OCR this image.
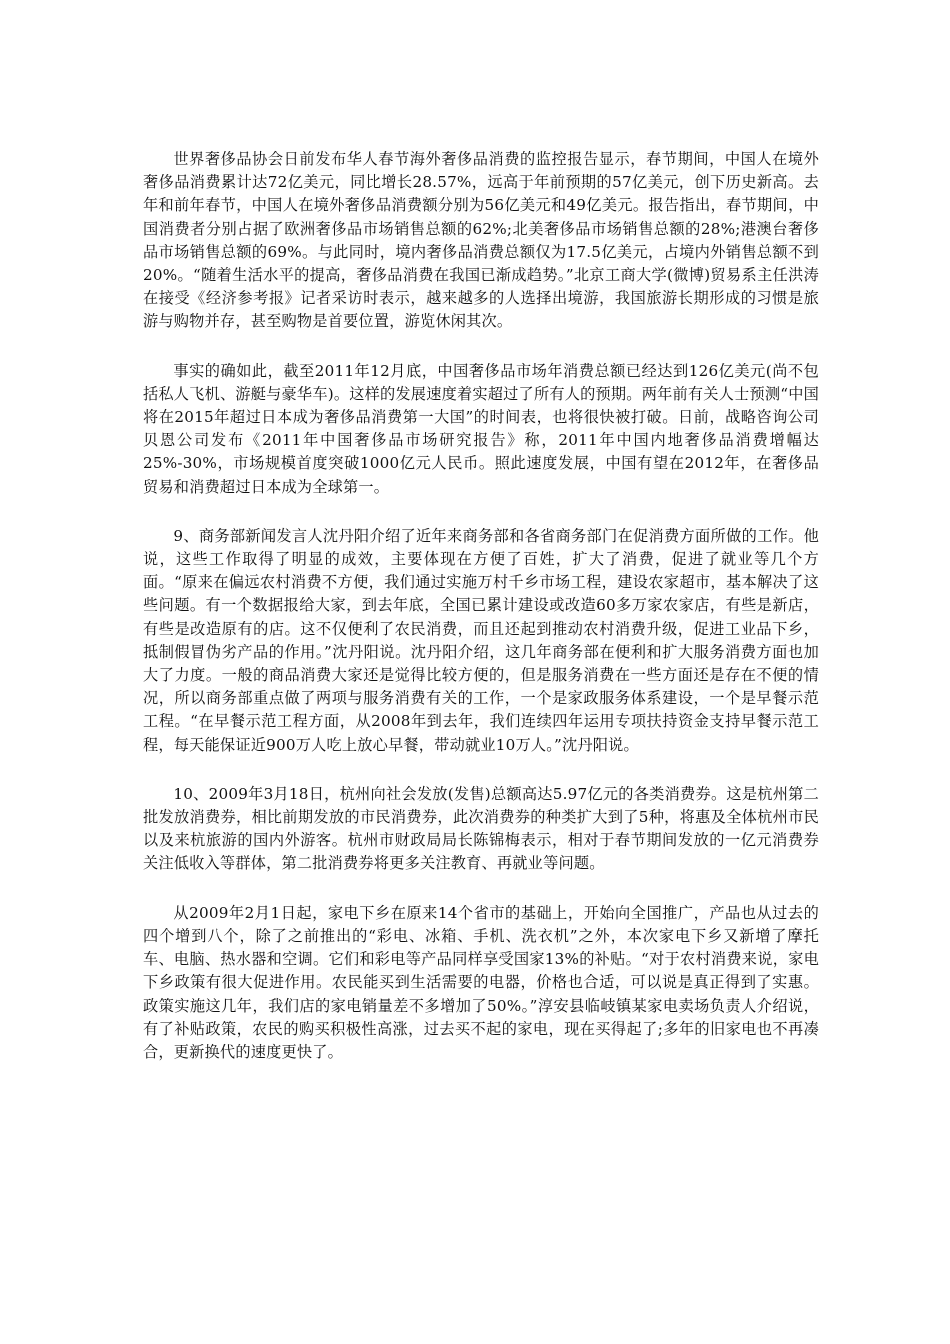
世界奢侈品协会日前发布华人春节海外奢侈品消费的监控报告显示，春节期间，中国人在境外奢侈品消费累计达72亿美元，同比增长28.57%，远高于年前预期的57亿美元，创下历史新高。去年和前年春节，中国人在境外奢侈品消费额分别为56亿美元和49亿美元。报告指出，春节期间，中国消费者分别占据了欧洲奢侈品市场销售总额的62%;北美奢侈品市场销售总额的28%;港澳台奢侈品市场销售总额的69%。与此同时，境内奢侈品消费总额仅为17.5亿美元，占境内外销售总额不到20%。“随着生活水平的提高，奢侈品消费在我国已渐成趋势。”北京工商大学(微博)贸易系主任洪涛在接受《经济参考报》记者采访时表示，越来越多的人选择出境游，我国旅游长期形成的习惯是旅游与购物并存，甚至购物是首要位置，游览休闲其次。

事实的确如此，截至2011年12月底，中国奢侈品市场年消费总额已经达到126亿美元(尚不包括私人飞机、游艇与豪华车)。这样的发展速度着实超过了所有人的预期。两年前有关人士预测“中国将在2015年超过日本成为奢侈品消费第一大国”的时间表，也将很快被打破。日前，战略咨询公司贝恩公司发布《2011年中国奢侈品市场研究报告》称，2011年中国内地奢侈品消费增幅达25%-30%，市场规模首度突破1000亿元人民币。照此速度发展，中国有望在2012年，在奢侈品贸易和消费超过日本成为全球第一。

9、商务部新闻发言人沈丹阳介绍了近年来商务部和各省商务部门在促消费方面所做的工作。他说，这些工作取得了明显的成效，主要体现在方便了百姓，扩大了消费，促进了就业等几个方面。“原来在偏远农村消费不方便，我们通过实施万村千乡市场工程，建设农家超市，基本解决了这些问题。有一个数据报给大家，到去年底，全国已累计建设或改造60多万家农家店，有些是新店，有些是改造原有的店。这不仅便利了农民消费，而且还起到推动农村消费升级，促进工业品下乡，抵制假冒伪劣产品的作用。”沈丹阳说。沈丹阳介绍，这几年商务部在便利和扩大服务消费方面也加大了力度。一般的商品消费大家还是觉得比较方便的，但是服务消费在一些方面还是存在不便的情况，所以商务部重点做了两项与服务消费有关的工作，一个是家政服务体系建设，一个是早餐示范工程。“在早餐示范工程方面，从2008年到去年，我们连续四年运用专项扶持资金支持早餐示范工程，每天能保证近900万人吃上放心早餐，带动就业10万人。”沈丹阳说。

10、2009年3月18日，杭州向社会发放(发售)总额高达5.97亿元的各类消费券。这是杭州第二批发放消费券，相比前期发放的市民消费券，此次消费券的种类扩大到了5种，将惠及全体杭州市民以及来杭旅游的国内外游客。杭州市财政局局长陈锦梅表示，相对于春节期间发放的一亿元消费券关注低收入等群体，第二批消费券将更多关注教育、再就业等问题。

从2009年2月1日起，家电下乡在原来14个省市的基础上，开始向全国推广，产品也从过去的四个增到八个，除了之前推出的“彩电、冰箱、手机、洗衣机”之外，本次家电下乡又新增了摩托车、电脑、热水器和空调。它们和彩电等产品同样享受国家13%的补贴。“对于农村消费来说，家电下乡政策有很大促进作用。农民能买到生活需要的电器，价格也合适，可以说是真正得到了实惠。政策实施这几年，我们店的家电销量差不多增加了50%。”淳安县临岐镇某家电卖场负责人介绍说，有了补贴政策，农民的购买积极性高涨，过去买不起的家电，现在买得起了;多年的旧家电也不再凑合，更新换代的速度更快了。
